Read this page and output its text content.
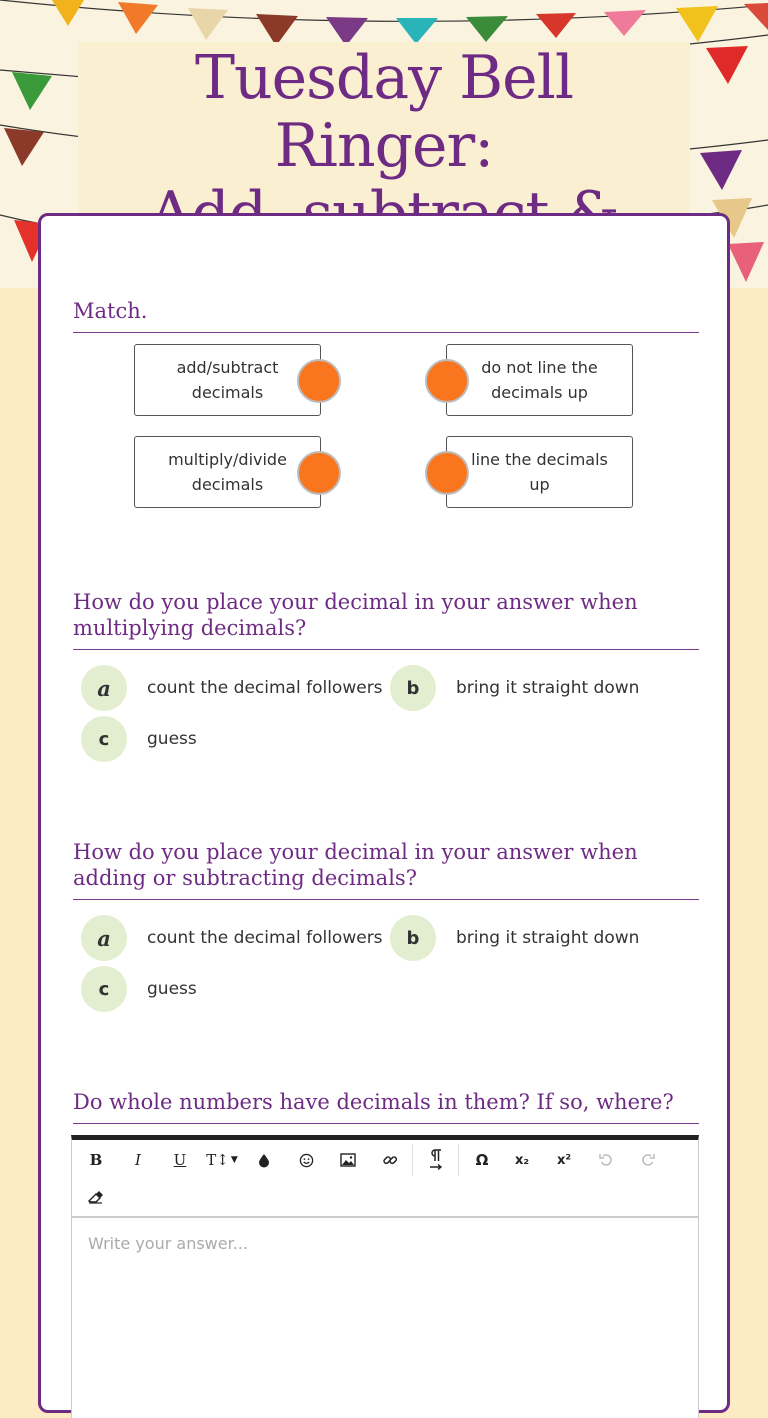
Tuesday Bell Ringer:
Match.
add/subtract decimals
multiply/divide decimals
do not line the decimals up
line the decimals up
How do you place your decimal in your answer when multiplying decimals?
a	count the decimal followers	b	bring it straight down
c	guess
How do you place your decimal in your answer when adding or subtracting decimals?
a	count the decimal followers	b	bring it straight down
c	guess
Do whole numbers have decimals in them? If so, where?
B	I	U	T↕ ▼	Ω	x₂	x²
Write your answer...
